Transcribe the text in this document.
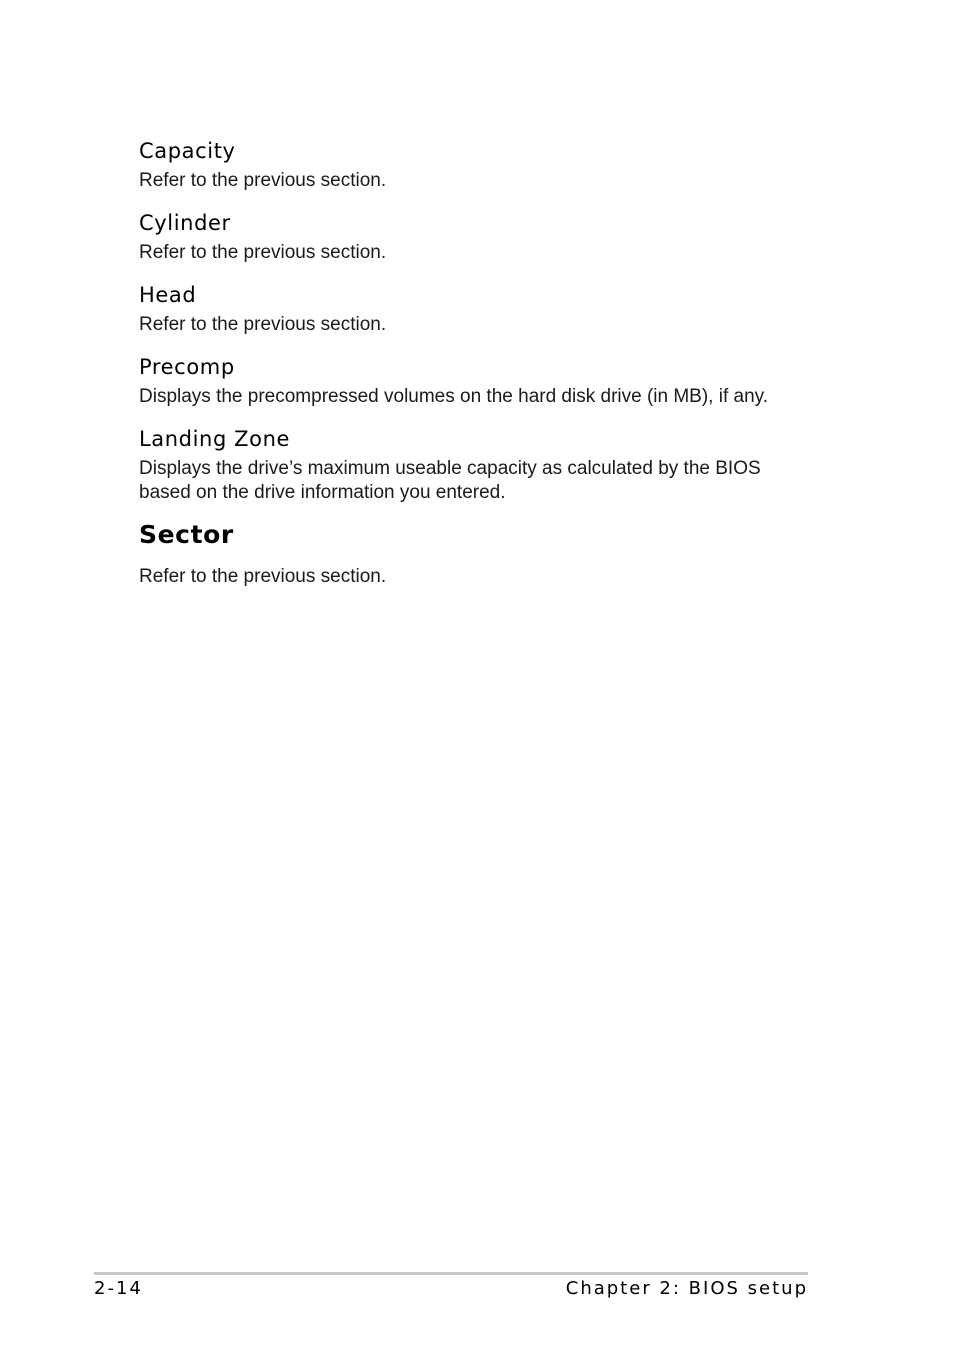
Capacity

Refer to the previous section.

Cylinder

Refer to the previous section.

Head

Refer to the previous section.

Precomp

Displays the precompressed volumes on the hard disk drive (in MB), if any.

Landing Zone

Displays the drive’s maximum useable capacity as calculated by the BIOS
based on the drive information you entered.

Sector

Refer to the previous section.

2-14	Chapter 2: BIOS setup
